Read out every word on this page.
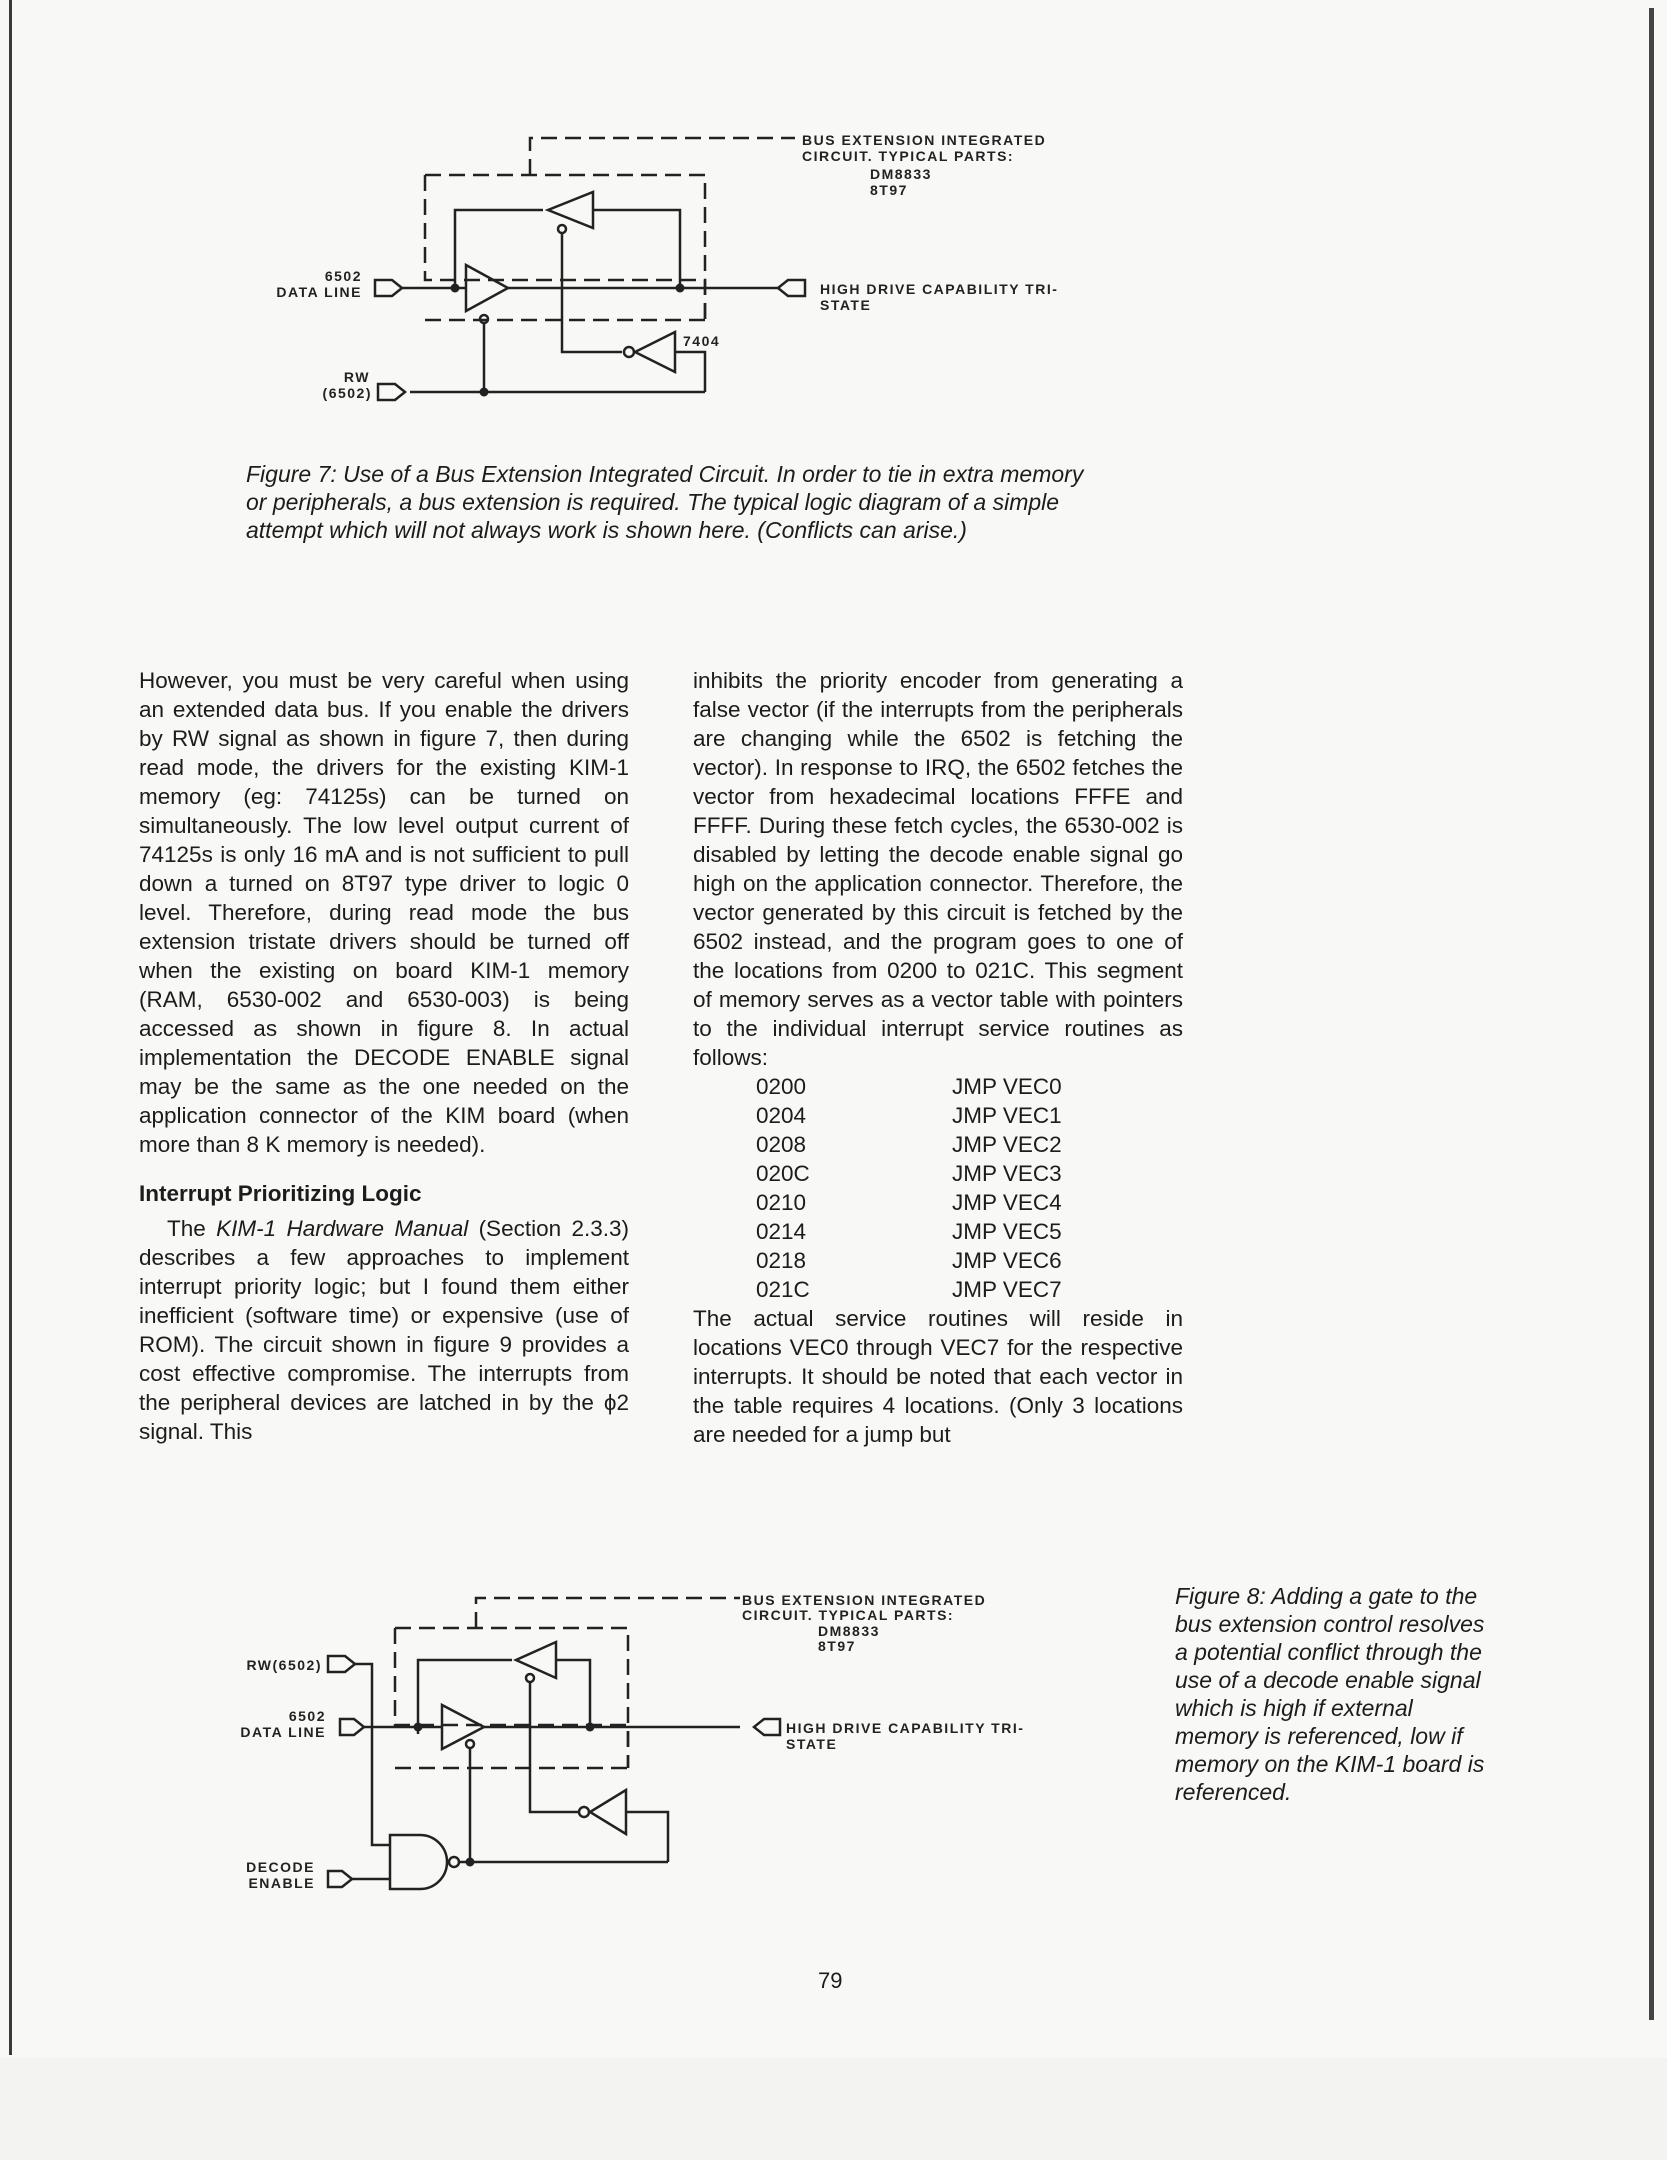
BUS EXTENSION INTEGRATED
CIRCUIT. TYPICAL PARTS:
DM8833
8T97
6502
DATA LINE
RW
(6502)
HIGH DRIVE CAPABILITY TRI-
STATE
7404
BUS EXTENSION INTEGRATED
CIRCUIT. TYPICAL PARTS:
DM8833
8T97
6502
DATA LINE
RW(6502)
DECODE
ENABLE
HIGH DRIVE CAPABILITY TRI-
STATE
Figure 7: Use of a Bus Extension Integrated Circuit. In order to tie in extra memory or peripherals, a bus extension is required. The typical logic diagram of a simple attempt which will not always work is shown here. (Conflicts can arise.)

However, you must be very careful when using an extended data bus. If you enable the drivers by RW signal as shown in figure 7, then during read mode, the drivers for the existing KIM-1 memory (eg: 74125s) can be turned on simultaneously. The low level output current of 74125s is only 16 mA and is not sufficient to pull down a turned on 8T97 type driver to logic 0 level. Therefore, during read mode the bus extension tristate drivers should be turned off when the existing on board KIM-1 memory (RAM, 6530-002 and 6530-003) is being accessed as shown in figure 8. In actual implementation the DECODE ENABLE signal may be the same as the one needed on the application connector of the KIM board (when more than 8 K memory is needed).

Interrupt Prioritizing Logic

The KIM-1 Hardware Manual (Section 2.3.3) describes a few approaches to implement interrupt priority logic; but I found them either inefficient (software time) or expensive (use of ROM). The circuit shown in figure 9 provides a cost effective compromise. The interrupts from the peripheral devices are latched in by the ϕ2 signal. This

inhibits the priority encoder from generating a false vector (if the interrupts from the peripherals are changing while the 6502 is fetching the vector). In response to IRQ, the 6502 fetches the vector from hexadecimal locations FFFE and FFFF. During these fetch cycles, the 6530-002 is disabled by letting the decode enable signal go high on the application connector. Therefore, the vector generated by this circuit is fetched by the 6502 instead, and the program goes to one of the locations from 0200 to 021C. This segment of memory serves as a vector table with pointers to the individual interrupt service routines as follows:

0200	JMP VEC0
0204	JMP VEC1
0208	JMP VEC2
020C	JMP VEC3
0210	JMP VEC4
0214	JMP VEC5
0218	JMP VEC6
021C	JMP VEC7

The actual service routines will reside in locations VEC0 through VEC7 for the respective interrupts. It should be noted that each vector in the table requires 4 locations. (Only 3 locations are needed for a jump but

Figure 8: Adding a gate to the bus extension control resolves a potential conflict through the use of a decode enable signal which is high if external memory is referenced, low if memory on the KIM-1 board is referenced.
79
